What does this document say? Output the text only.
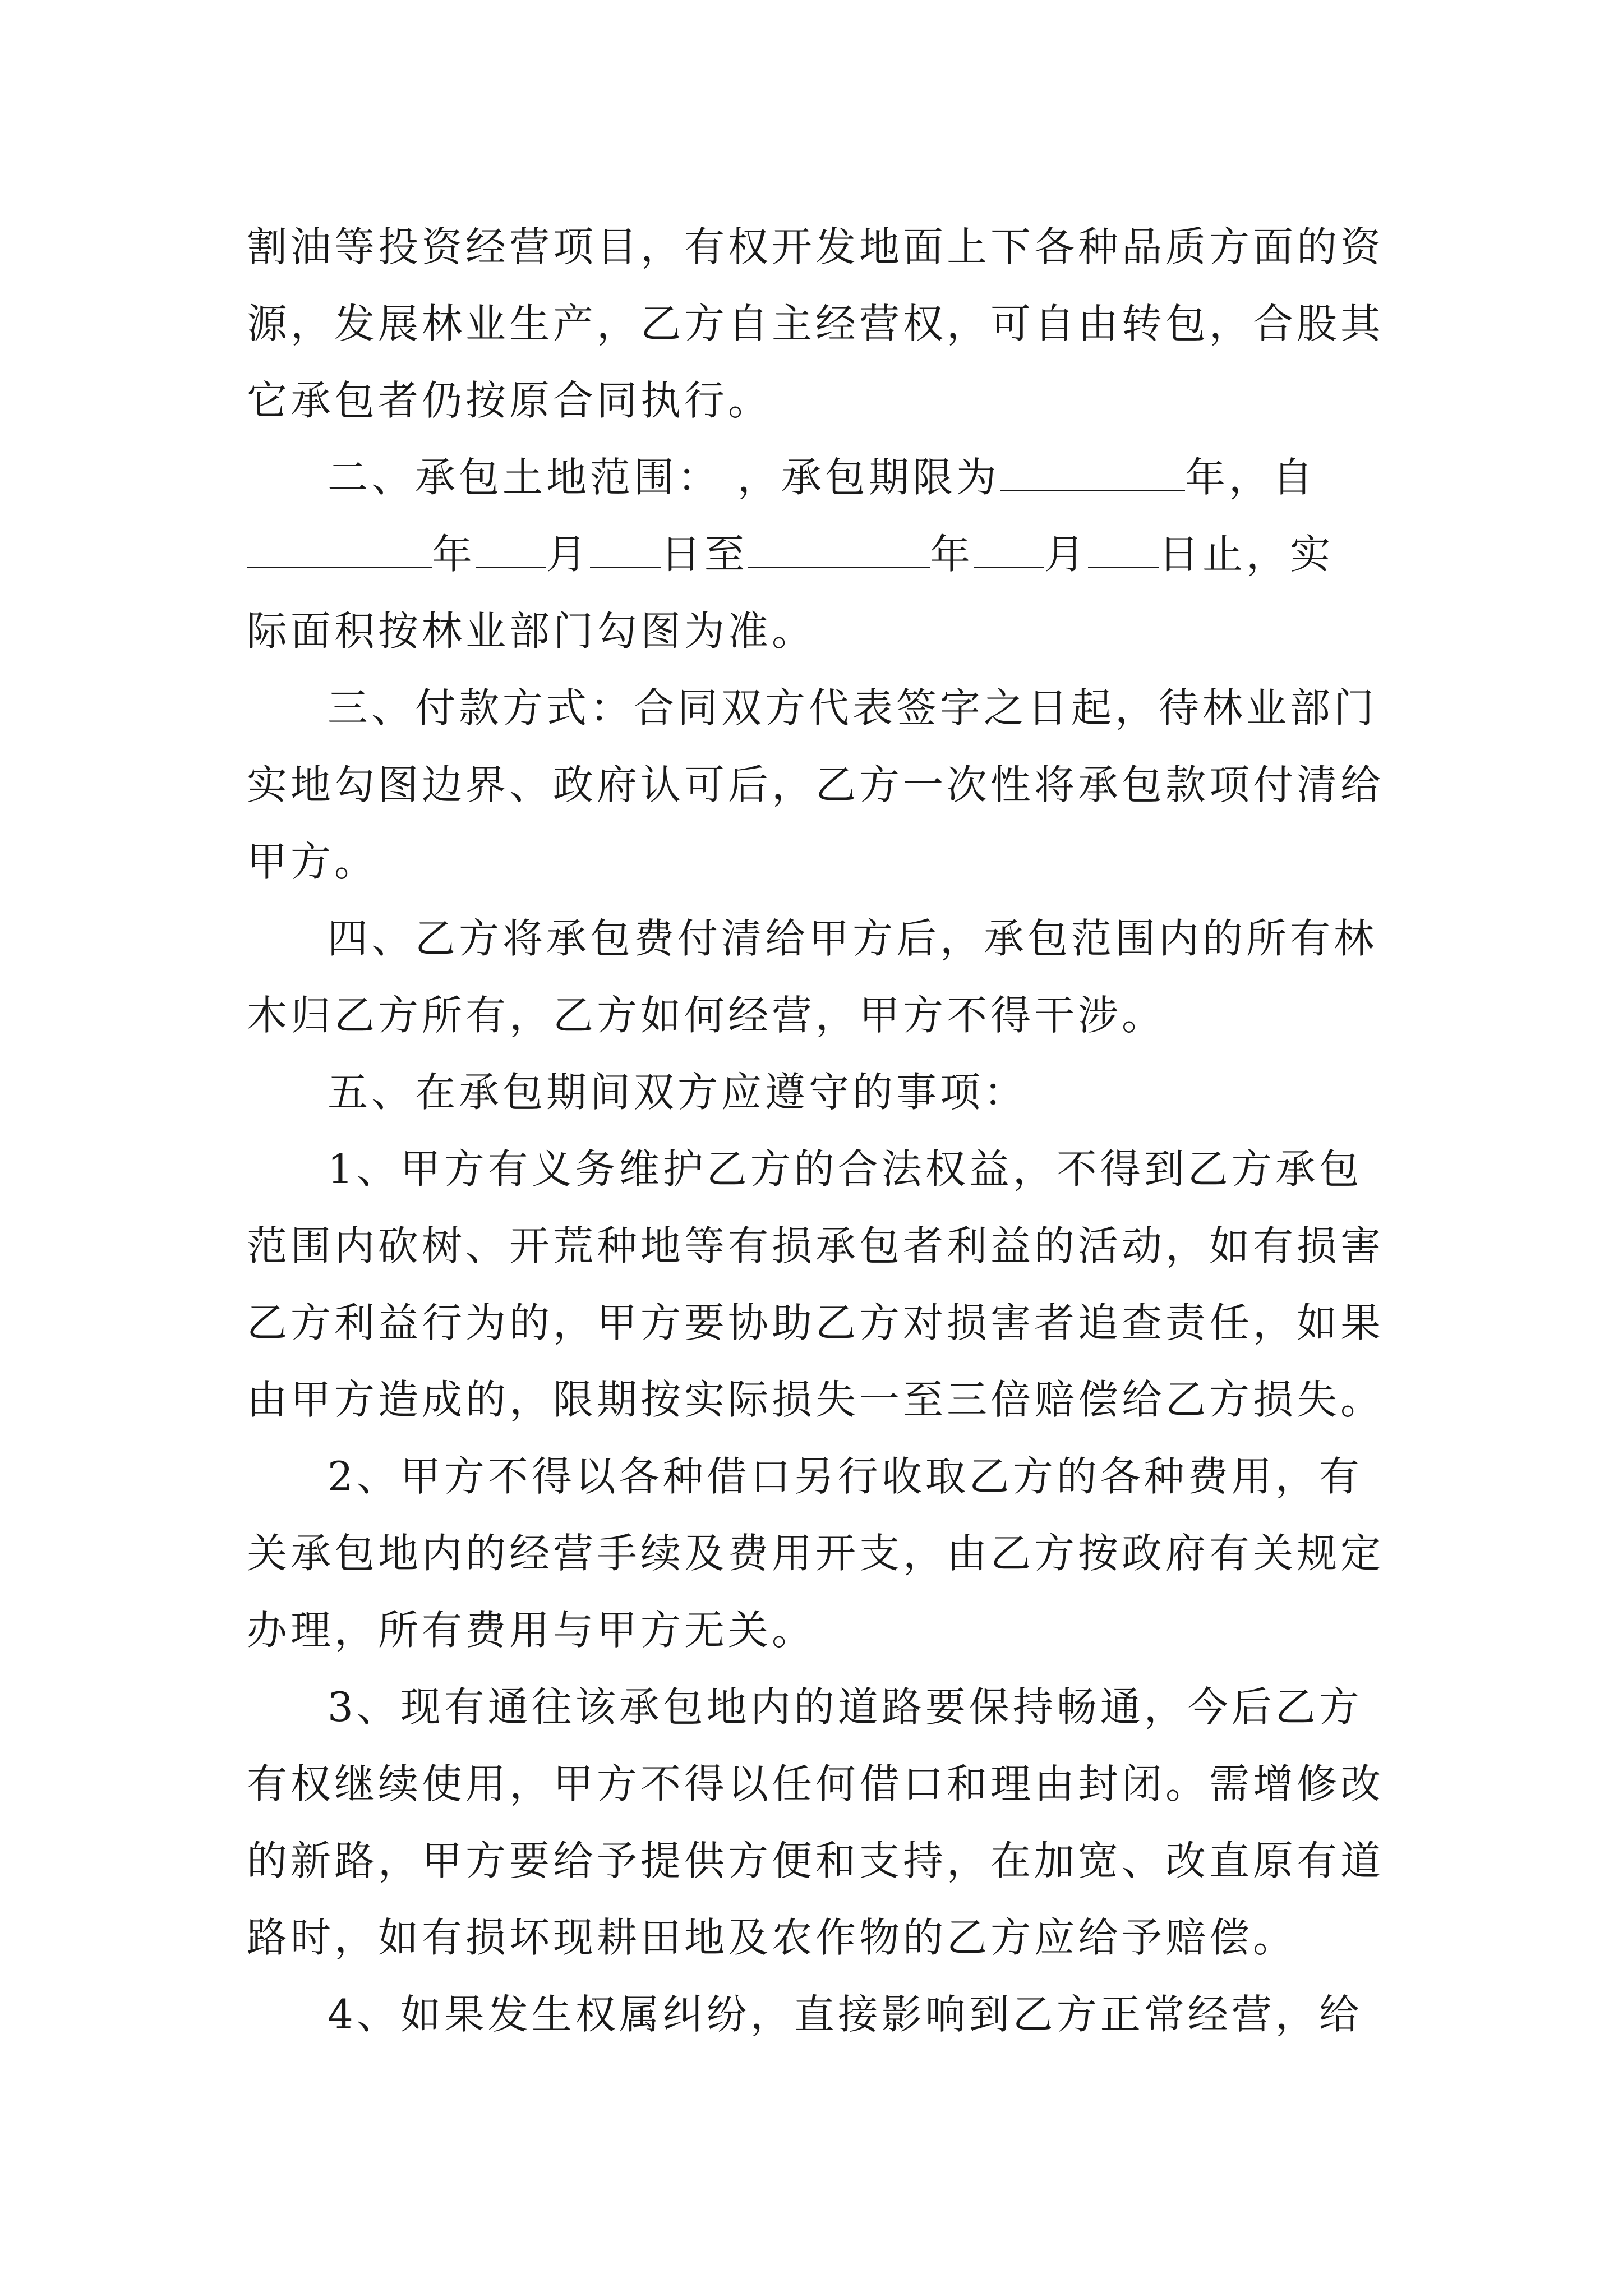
割油等投资经营项目，有权开发地面上下各种品质方面的资
源，发展林业生产，乙方自主经营权，可自由转包，合股其
它承包者仍按原合同执行。

二、承包土地范围： ，承包期限为	年，自
年 月 日至	年 月 日止，实
际面积按林业部门勾图为准。

三、付款方式：合同双方代表签字之日起，待林业部门
实地勾图边界、政府认可后，乙方一次性将承包款项付清给
甲方。

四、乙方将承包费付清给甲方后，承包范围内的所有林
木归乙方所有，乙方如何经营，甲方不得干涉。

五、在承包期间双方应遵守的事项：

1、甲方有义务维护乙方的合法权益，不得到乙方承包
范围内砍树、开荒种地等有损承包者利益的活动，如有损害
乙方利益行为的，甲方要协助乙方对损害者追查责任，如果
由甲方造成的，限期按实际损失一至三倍赔偿给乙方损失。

2、甲方不得以各种借口另行收取乙方的各种费用，有
关承包地内的经营手续及费用开支，由乙方按政府有关规定
办理，所有费用与甲方无关。

3、现有通往该承包地内的道路要保持畅通，今后乙方
有权继续使用，甲方不得以任何借口和理由封闭。需增修改
的新路，甲方要给予提供方便和支持，在加宽、改直原有道
路时，如有损坏现耕田地及农作物的乙方应给予赔偿。

4、如果发生权属纠纷，直接影响到乙方正常经营，给
